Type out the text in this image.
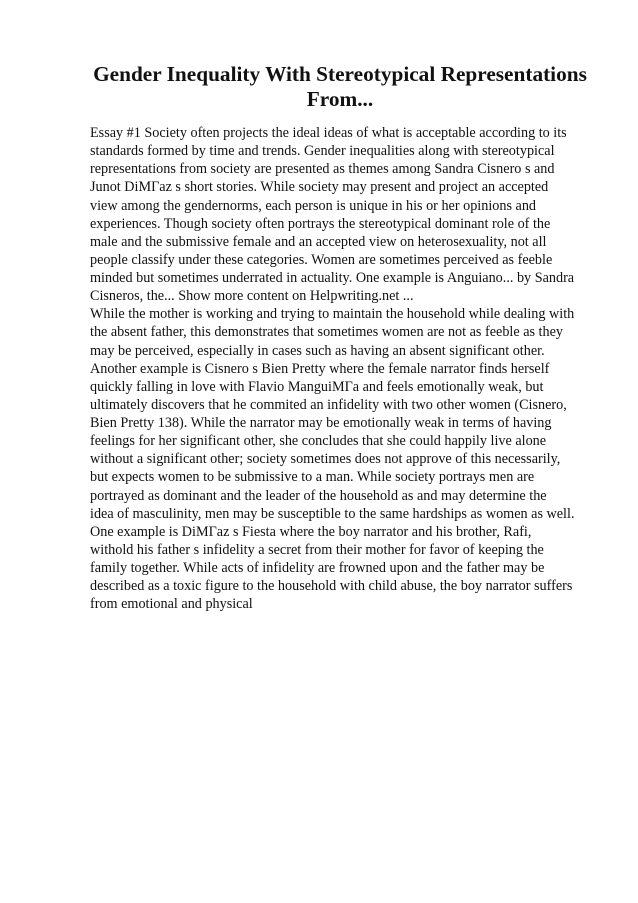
Gender Inequality With Stereotypical Representations
From...
Essay #1 Society often projects the ideal ideas of what is acceptable according to its
standards formed by time and trends. Gender inequalities along with stereotypical
representations from society are presented as themes among Sandra Cisnero s and
Junot DiMΓaz s short stories. While society may present and project an accepted
view among the gendernorms, each person is unique in his or her opinions and
experiences. Though society often portrays the stereotypical dominant role of the
male and the submissive female and an accepted view on heterosexuality, not all
people classify under these categories. Women are sometimes perceived as feeble
minded but sometimes underrated in actuality. One example is Anguiano... by Sandra
Cisneros, the... Show more content on Helpwriting.net ...
While the mother is working and trying to maintain the household while dealing with
the absent father, this demonstrates that sometimes women are not as feeble as they
may be perceived, especially in cases such as having an absent significant other.
Another example is Cisnero s Bien Pretty where the female narrator finds herself
quickly falling in love with Flavio ManguiMΓa and feels emotionally weak, but
ultimately discovers that he commited an infidelity with two other women (Cisnero,
Bien Pretty 138). While the narrator may be emotionally weak in terms of having
feelings for her significant other, she concludes that she could happily live alone
without a significant other; society sometimes does not approve of this necessarily,
but expects women to be submissive to a man. While society portrays men are
portrayed as dominant and the leader of the household as and may determine the
idea of masculinity, men may be susceptible to the same hardships as women as well.
One example is DiMΓaz s Fiesta where the boy narrator and his brother, Rafi,
withold his father s infidelity a secret from their mother for favor of keeping the
family together. While acts of infidelity are frowned upon and the father may be
described as a toxic figure to the household with child abuse, the boy narrator suffers
from emotional and physical
